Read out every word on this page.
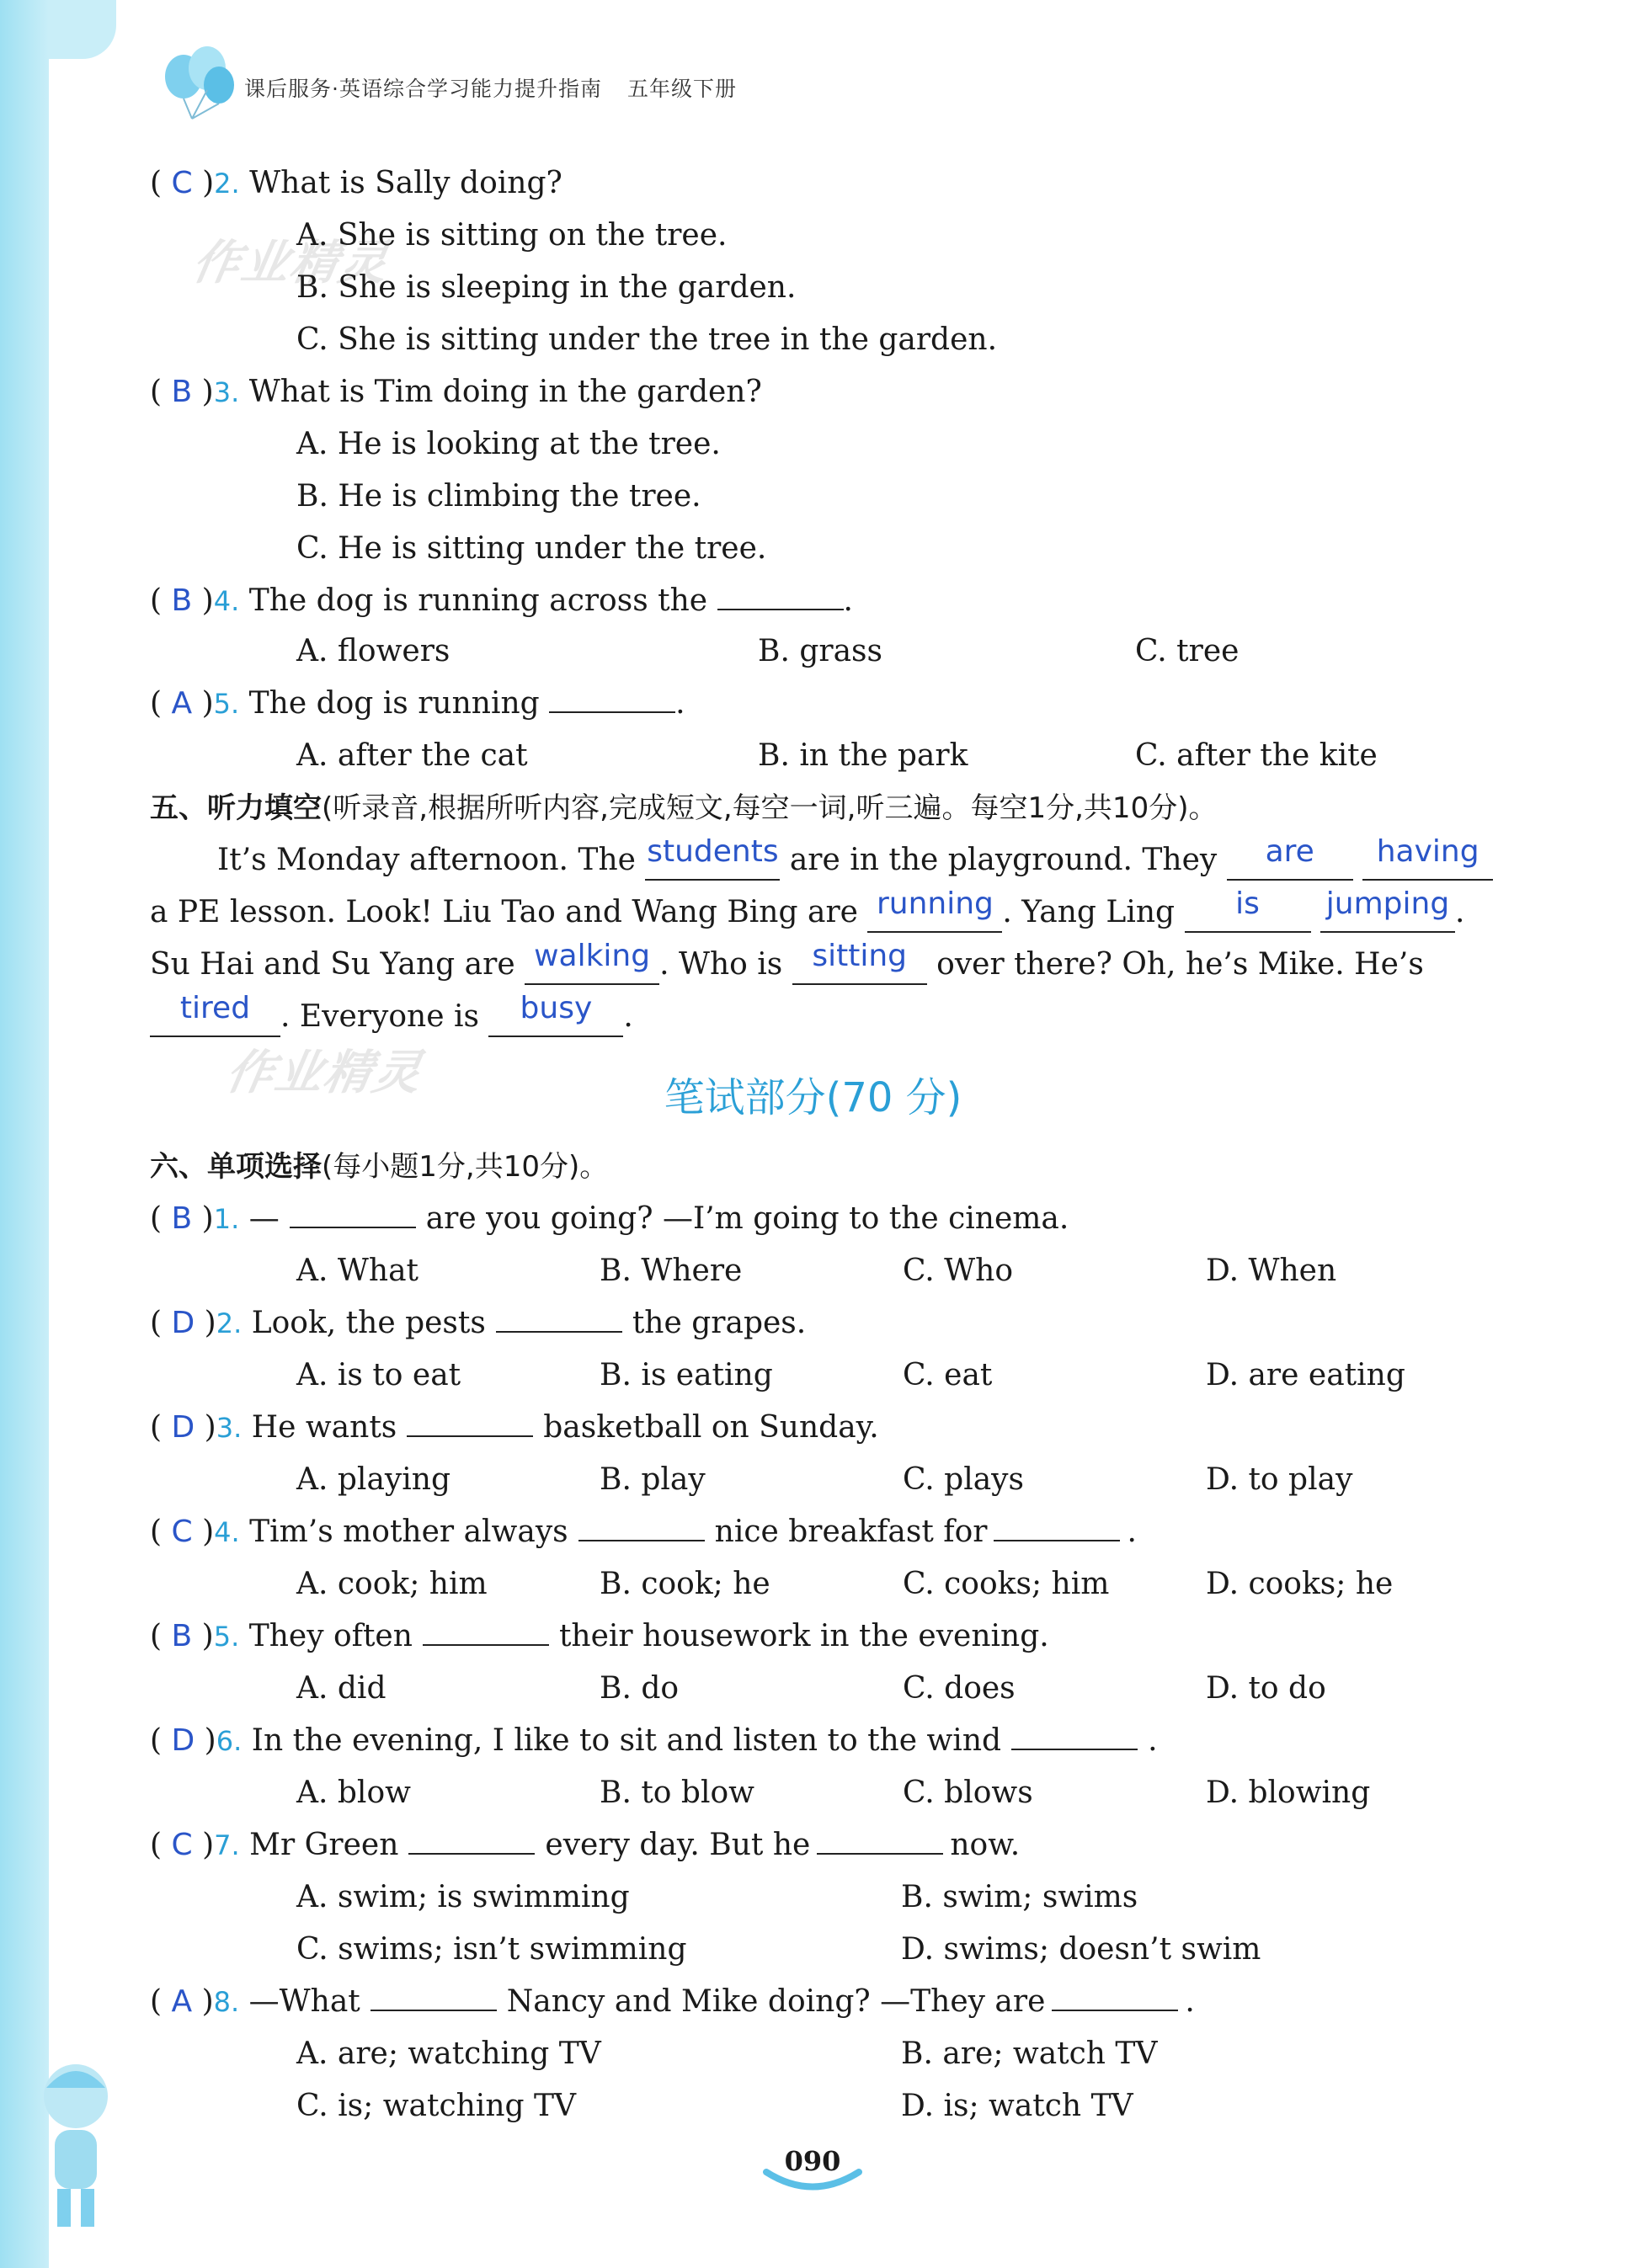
课后服务·英语综合学习能力提升指南 五年级下册
作业精灵
作业精灵
( C )2. What is Sally doing?
A. She is sitting on the tree.
B. She is sleeping in the garden.
C. She is sitting under the tree in the garden.
( B )3. What is Tim doing in the garden?
A. He is looking at the tree.
B. He is climbing the tree.
C. He is sitting under the tree.
( B )4. The dog is running across the	.
A. flowers	B. grass	C. tree
( A )5. The dog is running	.
A. after the cat	B. in the park	C. after the kite
五、听力填空(听录音,根据所听内容,完成短文,每空一词,听三遍。每空1分,共10分)。
It’s Monday afternoon. The students are in the playground. They are having
a PE lesson. Look! Liu Tao and Wang Bing are running . Yang Ling is jumping .
Su Hai and Su Yang are walking . Who is sitting over there? Oh, he’s Mike. He’s
tired . Everyone is busy .
笔试部分(70 分)
六、单项选择(每小题1分,共10分)。
( B )1. —	are you going? —I’m going to the cinema.
A. What	B. Where	C. Who	D. When
( D )2. Look, the pests	the grapes.
A. is to eat	B. is eating	C. eat	D. are eating
( D )3. He wants	basketball on Sunday.
A. playing	B. play	C. plays	D. to play
( C )4. Tim’s mother always	nice breakfast for	.
A. cook; him	B. cook; he	C. cooks; him	D. cooks; he
( B )5. They often	their housework in the evening.
A. did	B. do	C. does	D. to do
( D )6. In the evening, I like to sit and listen to the wind	.
A. blow	B. to blow	C. blows	D. blowing
( C )7. Mr Green	every day. But he	now.
A. swim; is swimming	B. swim; swims
C. swims; isn’t swimming	D. swims; doesn’t swim
( A )8. —What	Nancy and Mike doing? —They are	.
A. are; watching TV	B. are; watch TV
C. is; watching TV	D. is; watch TV
090
